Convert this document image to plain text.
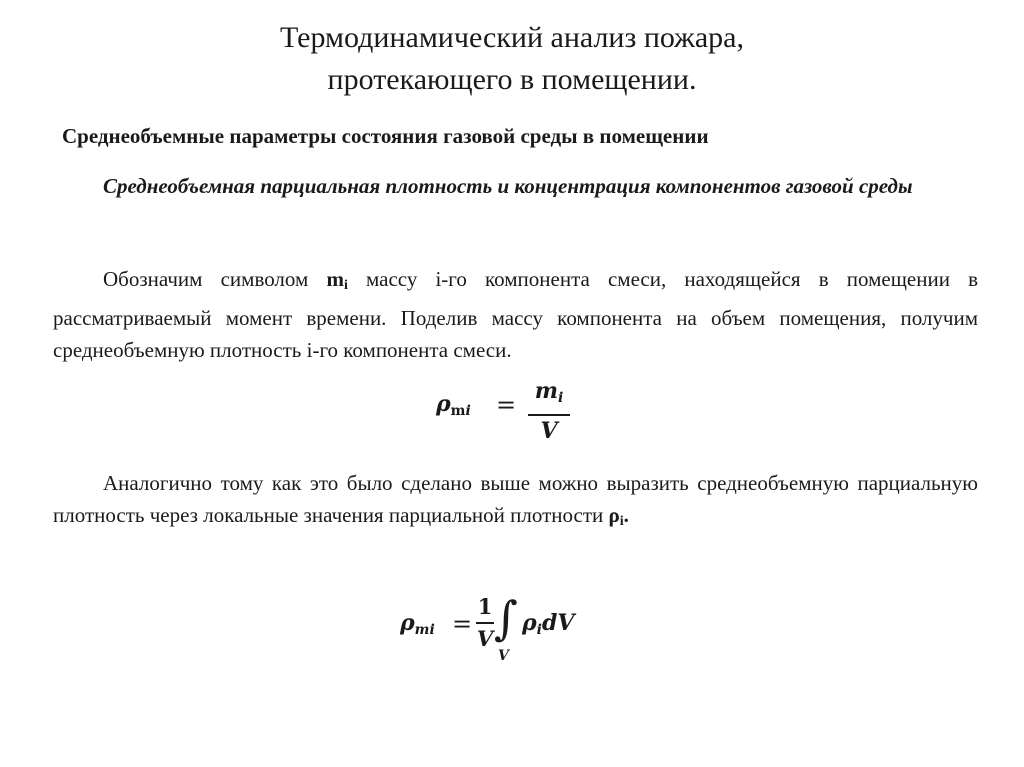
Термодинамический анализ пожара,
протекающего в помещении.
Среднеобъемные параметры состояния газовой среды в помещении

Среднеобъемная парциальная плотность и концентрация компонентов газовой среды

Обозначим символом $m_i$ массу i-го компонента смеси, находящейся в помещении в рассматриваемый момент времени. Поделив массу компонента на объем помещения, получим среднеобъемную плотность i-го компонента смеси.

ρmi = mi
V

Аналогично тому как это было сделано выше можно выразить среднеобъемную парциальную плотность через локальные значения парциальной плотности $\rho_i$.

ρmi =
1
V ∫
V
ρidV
